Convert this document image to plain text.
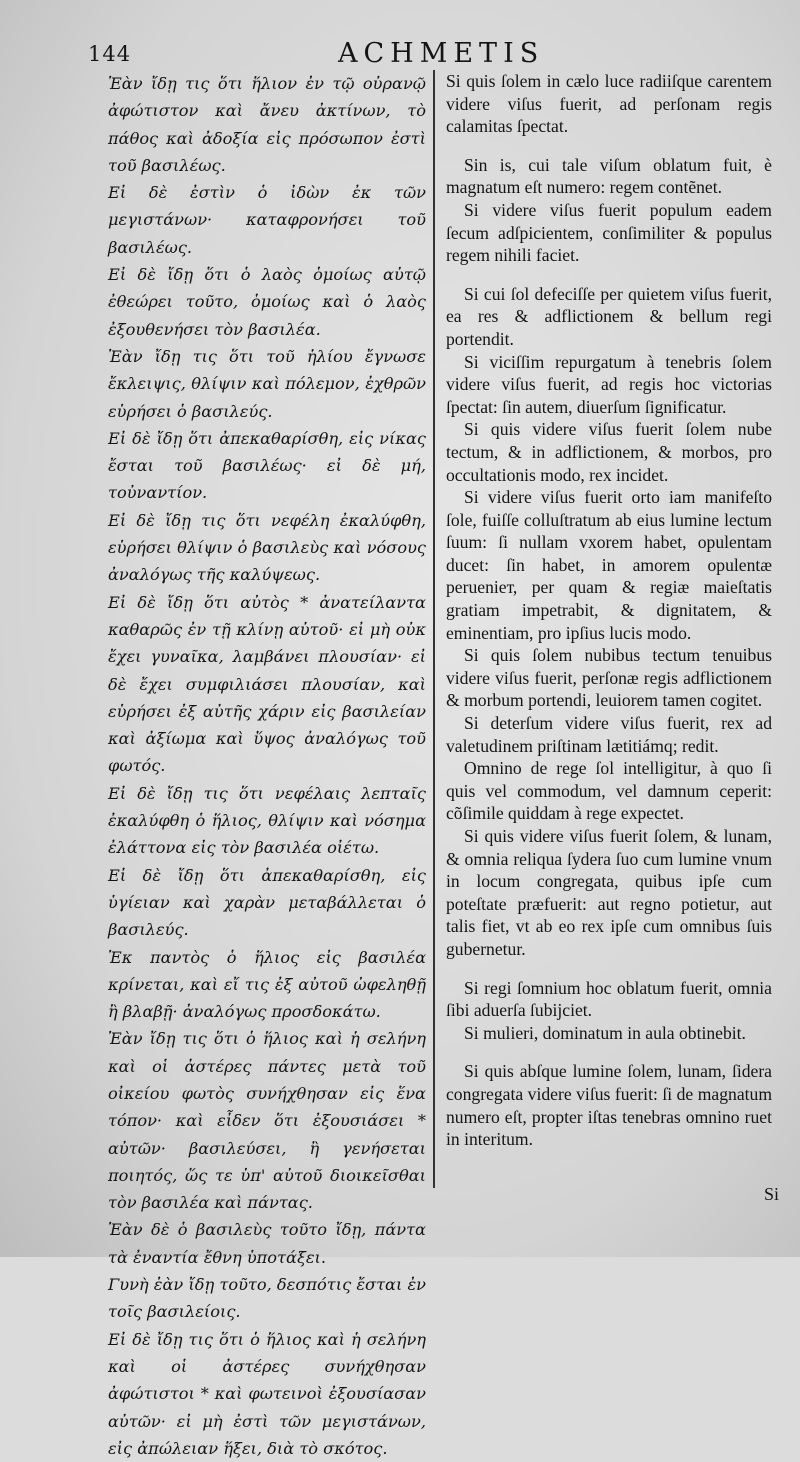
144	ACHMETIS

Ἐὰν ἴδῃ τις ὅτι ἥλιον ἐν τῷ οὐρανῷ ἀφώτιστον καὶ ἄνευ ἀκτίνων, τὸ πάθος καὶ ἀδοξία εἰς πρόσωπον ἐστὶ τοῦ βασιλέως.

Εἰ δὲ ἐστὶν ὁ ἰδὼν ἐκ τῶν μεγιστάνων· καταφρονήσει τοῦ βασιλέως.

Εἰ δὲ ἴδῃ ὅτι ὁ λαὸς ὁμοίως αὐτῷ ἐθεώρει τοῦτο, ὁμοίως καὶ ὁ λαὸς ἐξουθενήσει τὸν βασιλέα.

Ἐὰν ἴδῃ τις ὅτι τοῦ ἡλίου ἔγνωσε ἔκλειψις, θλίψιν καὶ πόλεμον, ἐχθρῶν εὑρήσει ὁ βασιλεύς.

Εἰ δὲ ἴδῃ ὅτι ἀπεκαθαρίσθη, εἰς νίκας ἔσται τοῦ βασιλέως· εἰ δὲ μή, τοὐναντίον.

Εἰ δὲ ἴδῃ τις ὅτι νεφέλη ἐκαλύφθη, εὑρήσει θλίψιν ὁ βασιλεὺς καὶ νόσους ἀναλόγως τῆς καλύψεως.

Εἰ δὲ ἴδῃ ὅτι αὐτὸς * ἀνατείλαντα καθαρῶς ἐν τῇ κλίνῃ αὐτοῦ· εἰ μὴ οὐκ ἔχει γυναῖκα, λαμβάνει πλουσίαν· εἰ δὲ ἔχει συμφιλιάσει πλουσίαν, καὶ εὑρήσει ἐξ αὐτῆς χάριν εἰς βασιλείαν καὶ ἀξίωμα καὶ ὕψος ἀναλόγως τοῦ φωτός.

Εἰ δὲ ἴδῃ τις ὅτι νεφέλαις λεπταῖς ἐκαλύφθη ὁ ἥλιος, θλίψιν καὶ νόσημα ἐλάττονα εἰς τὸν βασιλέα οἰέτω.

Εἰ δὲ ἴδῃ ὅτι ἀπεκαθαρίσθη, εἰς ὑγίειαν καὶ χαρὰν μεταβάλλεται ὁ βασιλεύς.

Ἐκ παντὸς ὁ ἥλιος εἰς βασιλέα κρίνεται, καὶ εἴ τις ἐξ αὐτοῦ ὠφεληθῇ ἢ βλαβῇ· ἀναλόγως προσδοκάτω.

Ἐὰν ἴδῃ τις ὅτι ὁ ἥλιος καὶ ἡ σελήνη καὶ οἱ ἀστέρες πάντες μετὰ τοῦ οἰκείου φωτὸς συνήχθησαν εἰς ἕνα τόπον· καὶ εἶδεν ὅτι ἐξουσιάσει * αὐτῶν· βασιλεύσει, ἢ γενήσεται ποιητός, ὥς τε ὑπ' αὐτοῦ διοικεῖσθαι τὸν βασιλέα καὶ πάντας.

Ἐὰν δὲ ὁ βασιλεὺς τοῦτο ἴδῃ, πάντα τὰ ἐναντία ἔθνη ὑποτάξει.

Γυνὴ ἐὰν ἴδῃ τοῦτο, δεσπότις ἔσται ἐν τοῖς βασιλείοις.

Εἰ δὲ ἴδῃ τις ὅτι ὁ ἥλιος καὶ ἡ σελήνη καὶ οἱ ἀστέρες συνήχθησαν ἀφώτιστοι * καὶ φωτεινοὶ ἐξουσίασαν αὐτῶν· εἰ μὴ ἐστὶ τῶν μεγιστάνων, εἰς ἀπώλειαν ἥξει, διὰ τὸ σκότος.

Si quis ſolem in cælo luce radiiſque carentem videre viſus fuerit, ad perſonam regis calamitas ſpectat.

Sin is, cui tale viſum oblatum fuit, è magnatum eſt numero: regem contẽnet.

Si videre viſus fuerit populum eadem ſecum adſpicientem, conſimiliter & populus regem nihili faciet.

Si cui ſol defeciſſe per quietem viſus fuerit, ea res & adflictionem & bellum regi portendit.

Si viciſſim repurgatum à tenebris ſolem videre viſus fuerit, ad regis hoc victorias ſpectat: ſin autem, diuerſum ſignificatur.

Si quis videre viſus fuerit ſolem nube tectum, & in adflictionem, & morbos, pro occultationis modo, rex incidet.

Si videre viſus fuerit orto iam manifeſto ſole, fuiſſe colluſtratum ab eius lumine lectum ſuum: ſi nullam vxorem habet, opulentam ducet: ſin habet, in amorem opulentæ peruenieт, per quam & regiæ maieſtatis gratiam impetrabit, & dignitatem, & eminentiam, pro ipſius lucis modo.

Si quis ſolem nubibus tectum tenuibus videre viſus fuerit, perſonæ regis adflictionem & morbum portendi, leuiorem tamen cogitet.

Si deterſum videre viſus fuerit, rex ad valetudinem priſtinam lætitiámq; redit.

Omnino de rege ſol intelligitur, à quo ſi quis vel commodum, vel damnum ceperit: cõſimile quiddam à rege expectet.

Si quis videre viſus fuerit ſolem, & lunam, & omnia reliqua ſydera ſuo cum lumine vnum in locum congregata, quibus ipſe cum poteſtate præfuerit: aut regno potietur, aut talis fiet, vt ab eo rex ipſe cum omnibus ſuis gubernetur.

Si regi ſomnium hoc oblatum fuerit, omnia ſibi aduerſa ſubijciet.

Si mulieri, dominatum in aula obtinebit.

Si quis abſque lumine ſolem, lunam, ſidera congregata videre viſus fuerit: ſi de magnatum numero eſt, propter iſtas tenebras omnino ruet in interitum.

Si
